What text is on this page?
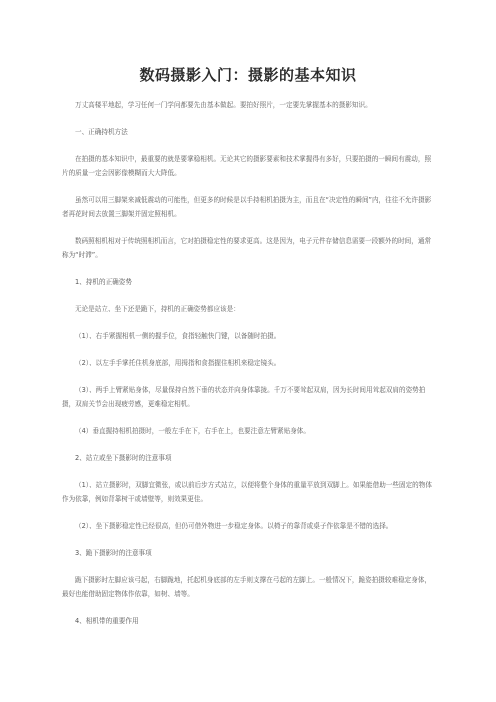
数码摄影入门：摄影的基本知识

万丈高楼平地起，学习任何一门学问都要先由基本做起。要拍好照片，一定要先掌握基本的摄影知识。

一、正确持机方法

在拍摄的基本知识中，最重要的就是要掌稳相机。无论其它的摄影要素和技术掌握得有多好，只要拍摄的一瞬间有震动，照片的质量一定会因影像模糊而大大降低。

虽然可以用三脚架来减低震动的可能性，但更多的时候是以手持相机拍摄为主，而且在“决定性的瞬间”内，往往不允许摄影者再花时间去放置三脚架并固定照相机。

数码照相机相对于传统照相机而言，它对拍摄稳定性的要求更高。这是因为，电子元件存储信息需要一段额外的时间，通常称为“时滞”。

1、持机的正确姿势

无论是站立、坐下还是跪下，持机的正确姿势都应该是：

（1）、右手紧握相机一侧的握手位，食指轻触快门键，以备随时拍摄。

（2）、以左手手掌托住机身底部，用拇指和食指握住相机来稳定镜头。

（3）、两手上臂紧贴身体，尽量保持自然下垂的状态并向身体靠拢。千万不要耸起双肩，因为长时间用耸起双肩的姿势拍摄，双肩关节会出现疲劳感，更难稳定相机。

（4）垂直握持相机拍摄时，一般左手在下，右手在上，也要注意左臂紧贴身体。

2、站立或坐下摄影时的注意事项

（1）、站立摄影时，双脚宜微张，或以前后步方式站立，以便将整个身体的重量平放到双脚上。如果能借助一些固定的物体作为依靠，例如背靠树干或墙壁等，则效果更佳。

（2）、坐下摄影稳定性已经很高，但仍可借外物进一步稳定身体。以椅子的靠背或桌子作依靠是不错的选择。

3、跪下摄影时的注意事项

跪下摄影时左脚应该弓起，右脚跪地，托起机身底部的左手则支撑在弓起的左脚上。一般情况下，跪姿拍摄较难稳定身体，最好也能借助固定物体作依靠，如树、墙等。

4、相机带的重要作用
